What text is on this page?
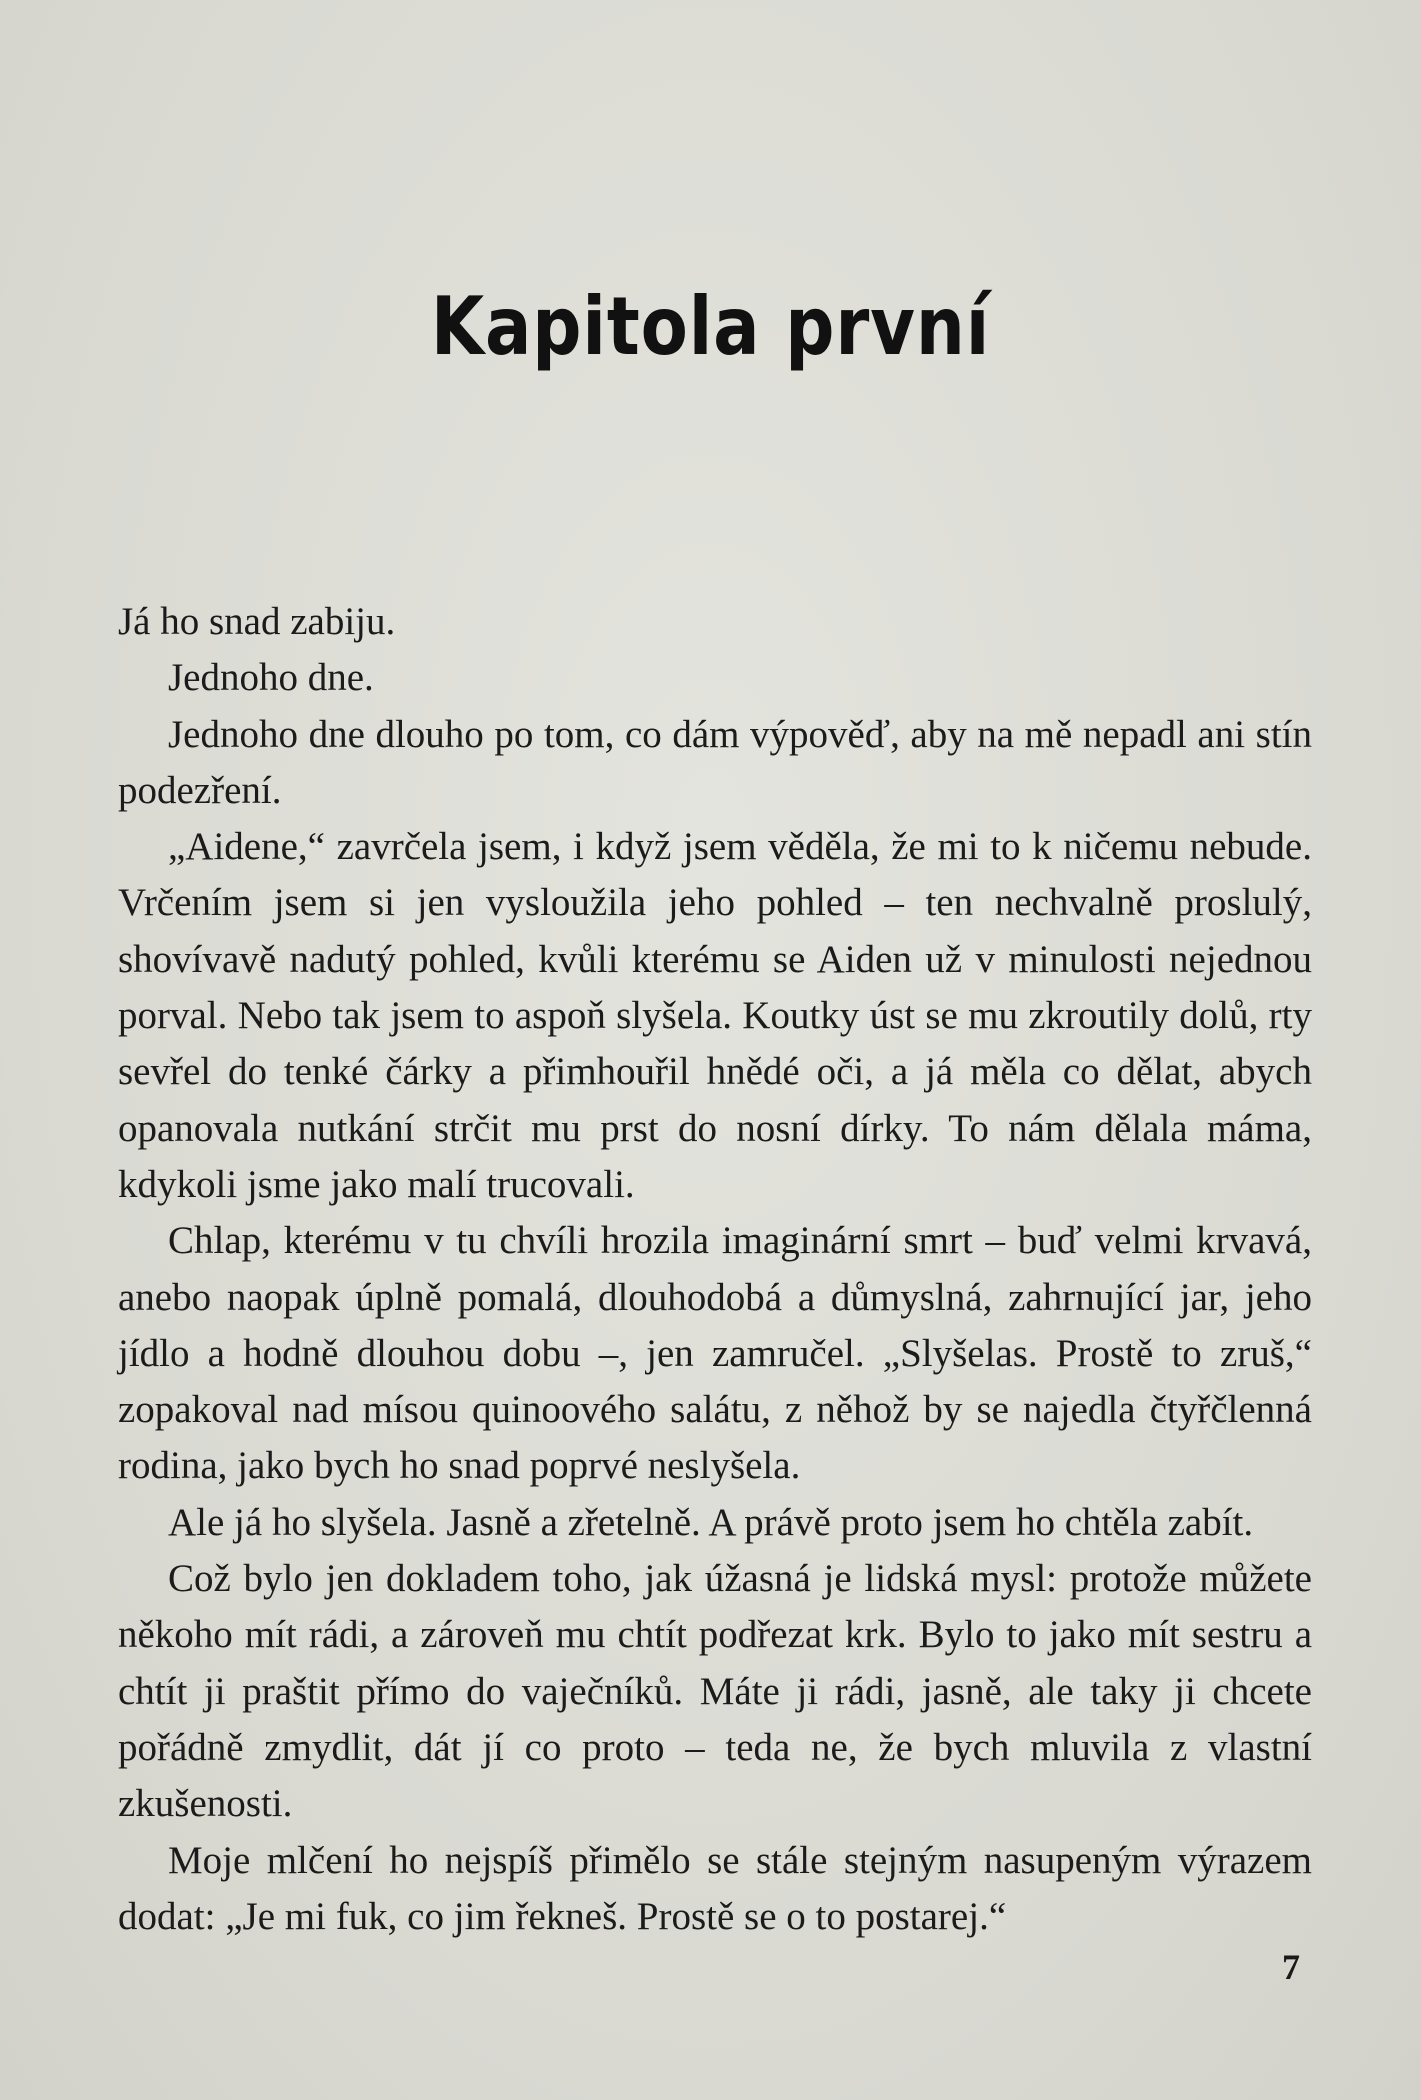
Kapitola první

Já ho snad zabiju.

Jednoho dne.

Jednoho dne dlouho po tom, co dám výpověď, aby na mě nepadl ani stín podezření.

„Aidene,“ zavrčela jsem, i když jsem věděla, že mi to k ničemu nebude. Vrčením jsem si jen vysloužila jeho pohled – ten nechvalně proslulý, shovívavě nadutý pohled, kvůli kterému se Aiden už v minulosti nejednou porval. Nebo tak jsem to aspoň slyšela. Koutky úst se mu zkroutily dolů, rty sevřel do tenké čárky a přimhouřil hnědé oči, a já měla co dělat, abych opanovala nutkání strčit mu prst do nosní dírky. To nám dělala máma, kdykoli jsme jako malí trucovali.

Chlap, kterému v tu chvíli hrozila imaginární smrt – buď velmi krvavá, anebo naopak úplně pomalá, dlouhodobá a důmyslná, zahrnující jar, jeho jídlo a hodně dlouhou dobu –, jen zamručel. „Slyšelas. Prostě to zruš,“ zopakoval nad mísou quinoového salátu, z něhož by se najedla čtyřčlenná rodina, jako bych ho snad poprvé neslyšela.

Ale já ho slyšela. Jasně a zřetelně. A právě proto jsem ho chtěla zabít.

Což bylo jen dokladem toho, jak úžasná je lidská mysl: protože můžete někoho mít rádi, a zároveň mu chtít podřezat krk. Bylo to jako mít sestru a chtít ji praštit přímo do vaječníků. Máte ji rádi, jasně, ale taky ji chcete pořádně zmydlit, dát jí co proto – teda ne, že bych mluvila z vlastní zkušenosti.

Moje mlčení ho nejspíš přimělo se stále stejným nasupeným výrazem dodat: „Je mi fuk, co jim řekneš. Prostě se o to postarej.“

7
